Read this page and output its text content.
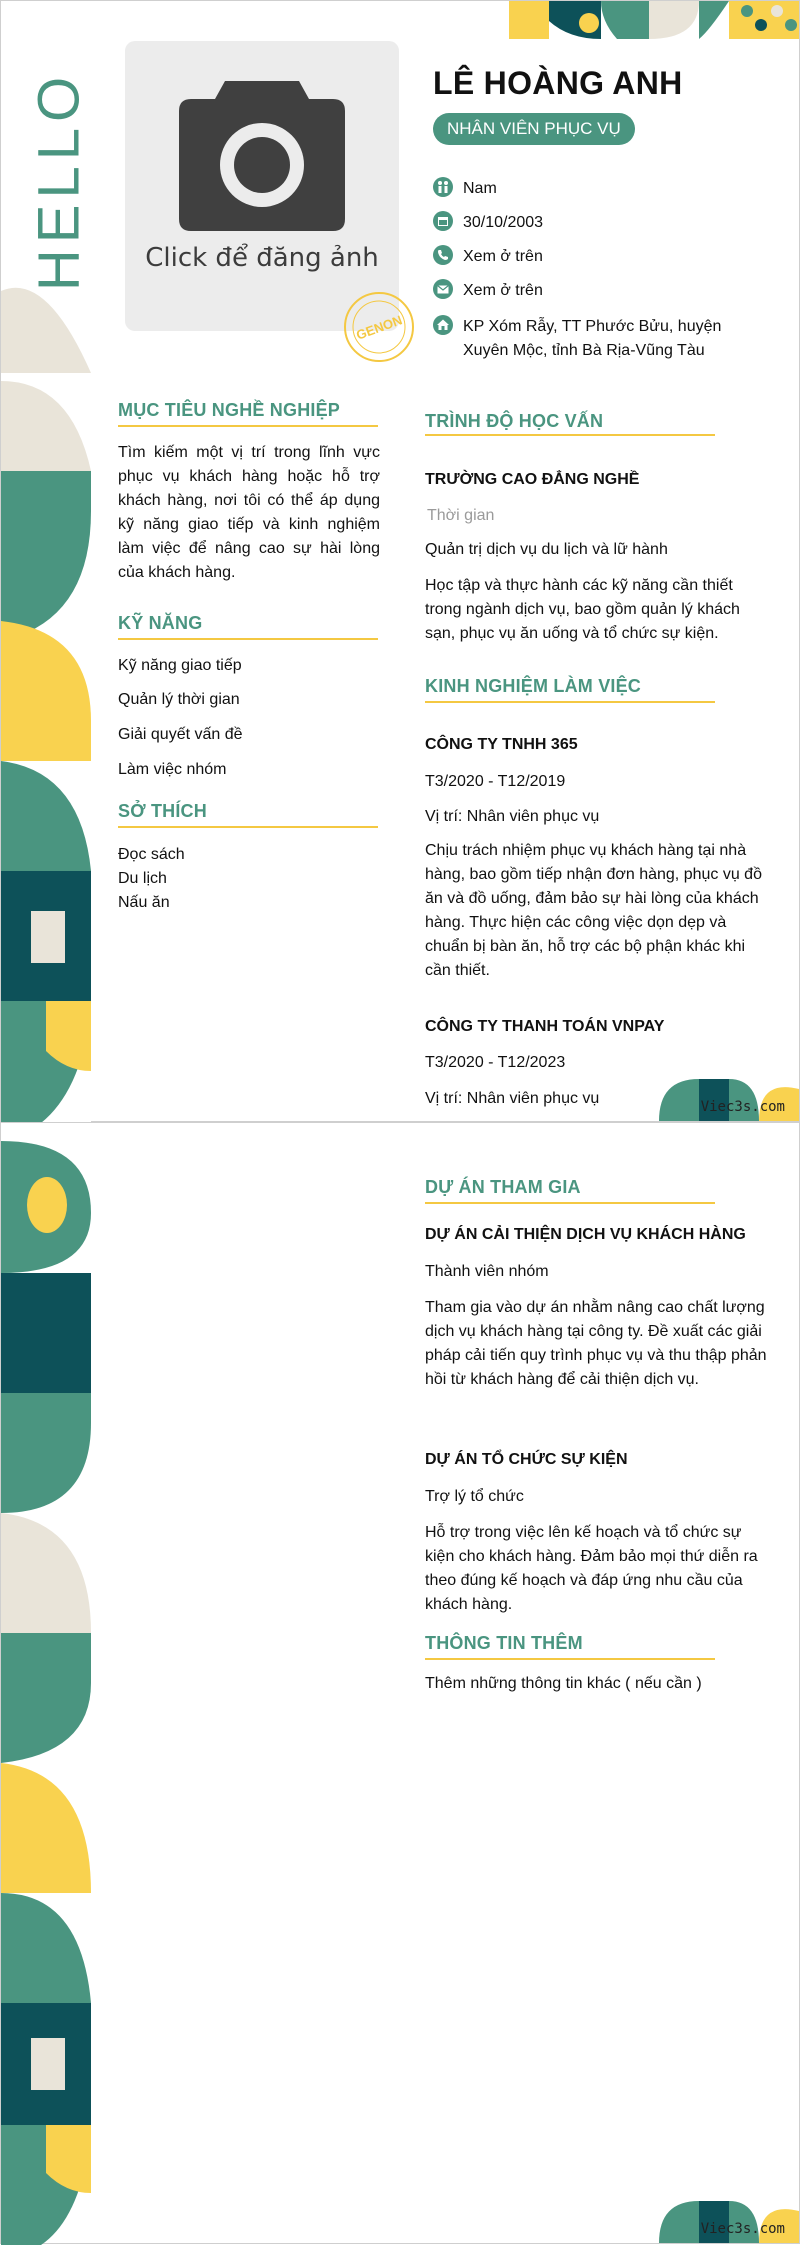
HELLO	Click để đăng ảnh
GENON
LÊ HOÀNG ANH
NHÂN VIÊN PHỤC VỤ
Nam
30/10/2003
Xem ở trên
Xem ở trên
KP Xóm Rẫy, TT Phước Bửu, huyện Xuyên Mộc, tỉnh Bà Rịa-Vũng Tàu
MỤC TIÊU NGHỀ NGHIỆP
Tìm kiếm một vị trí trong lĩnh vực phục vụ khách hàng hoặc hỗ trợ khách hàng, nơi tôi có thể áp dụng kỹ năng giao tiếp và kinh nghiệm làm việc để nâng cao sự hài lòng của khách hàng.
KỸ NĂNG
Kỹ năng giao tiếp
Quản lý thời gian
Giải quyết vấn đề
Làm việc nhóm
SỞ THÍCH
Đọc sách
Du lịch
Nấu ăn
TRÌNH ĐỘ HỌC VẤN
TRƯỜNG CAO ĐẲNG NGHỀ
Thời gian
Quản trị dịch vụ du lịch và lữ hành
Học tập và thực hành các kỹ năng cần thiết trong ngành dịch vụ, bao gồm quản lý khách sạn, phục vụ ăn uống và tổ chức sự kiện.
KINH NGHIỆM LÀM VIỆC
CÔNG TY TNHH 365
T3/2020 - T12/2019
Vị trí: Nhân viên phục vụ
Chịu trách nhiệm phục vụ khách hàng tại nhà hàng, bao gồm tiếp nhận đơn hàng, phục vụ đồ ăn và đồ uống, đảm bảo sự hài lòng của khách hàng. Thực hiện các công việc dọn dẹp và chuẩn bị bàn ăn, hỗ trợ các bộ phận khác khi cần thiết.
CÔNG TY THANH TOÁN VNPAY
T3/2020 - T12/2023
Vị trí: Nhân viên phục vụ	Viec3s.com
DỰ ÁN THAM GIA
DỰ ÁN CẢI THIỆN DỊCH VỤ KHÁCH HÀNG
Thành viên nhóm
Tham gia vào dự án nhằm nâng cao chất lượng dịch vụ khách hàng tại công ty. Đề xuất các giải pháp cải tiến quy trình phục vụ và thu thập phản hồi từ khách hàng để cải thiện dịch vụ.
DỰ ÁN TỔ CHỨC SỰ KIỆN
Trợ lý tổ chức
Hỗ trợ trong việc lên kế hoạch và tổ chức sự kiện cho khách hàng. Đảm bảo mọi thứ diễn ra theo đúng kế hoạch và đáp ứng nhu cầu của khách hàng.
THÔNG TIN THÊM
Thêm những thông tin khác ( nếu cần )
Viec3s.com
